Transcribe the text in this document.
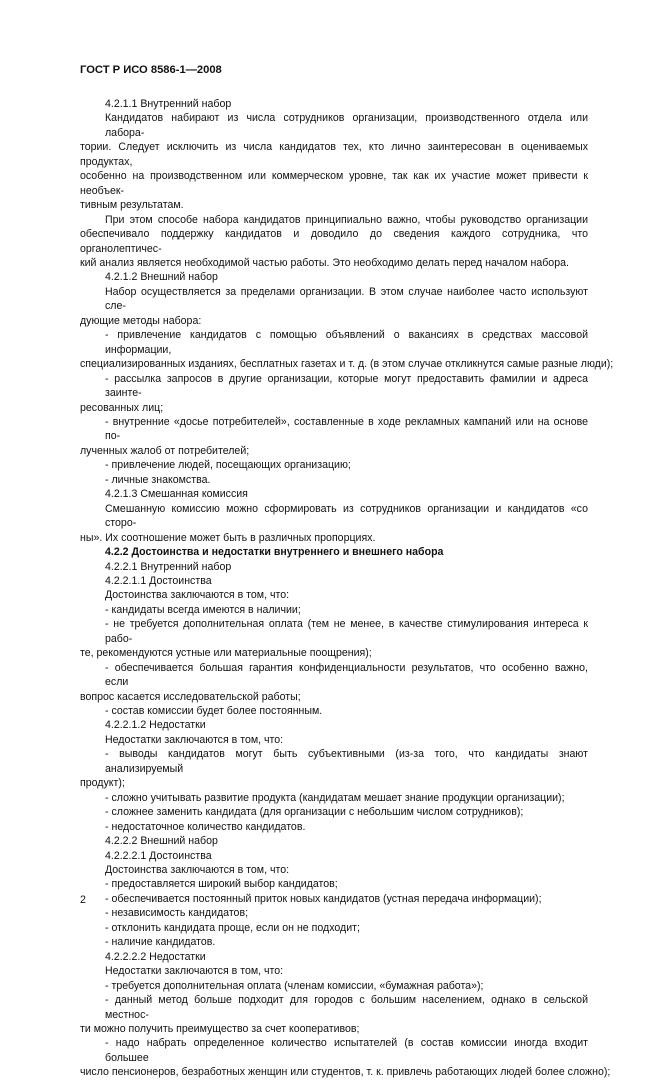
ГОСТ Р ИСО 8586-1—2008
4.2.1.1 Внутренний набор
Кандидатов набирают из числа сотрудников организации, производственного отдела или лабора-
тории. Следует исключить из числа кандидатов тех, кто лично заинтересован в оцениваемых продуктах,
особенно на производственном или коммерческом уровне, так как их участие может привести к необъек-
тивным результатам.
При этом способе набора кандидатов принципиально важно, чтобы руководство организации
обеспечивало поддержку кандидатов и доводило до сведения каждого сотрудника, что органолептичес-
кий анализ является необходимой частью работы. Это необходимо делать перед началом набора.
4.2.1.2 Внешний набор
Набор осуществляется за пределами организации. В этом случае наиболее часто используют сле-
дующие методы набора:
- привлечение кандидатов с помощью объявлений о вакансиях в средствах массовой информации,
специализированных изданиях, бесплатных газетах и т. д. (в этом случае откликнутся самые разные люди);
- рассылка запросов в другие организации, которые могут предоставить фамилии и адреса заинте-
ресованных лиц;
- внутренние «досье потребителей», составленные в ходе рекламных кампаний или на основе по-
лученных жалоб от потребителей;
- привлечение людей, посещающих организацию;
- личные знакомства.
4.2.1.3 Смешанная комиссия
Смешанную комиссию можно сформировать из сотрудников организации и кандидатов «со сторо-
ны». Их соотношение может быть в различных пропорциях.
4.2.2 Достоинства и недостатки внутреннего и внешнего набора
4.2.2.1 Внутренний набор
4.2.2.1.1 Достоинства
Достоинства заключаются в том, что:
- кандидаты всегда имеются в наличии;
- не требуется дополнительная оплата (тем не менее, в качестве стимулирования интереса к рабо-
те, рекомендуются устные или материальные поощрения);
- обеспечивается большая гарантия конфиденциальности результатов, что особенно важно, если
вопрос касается исследовательской работы;
- состав комиссии будет более постоянным.
4.2.2.1.2 Недостатки
Недостатки заключаются в том, что:
- выводы кандидатов могут быть субъективными (из-за того, что кандидаты знают анализируемый
продукт);
- сложно учитывать развитие продукта (кандидатам мешает знание продукции организации);
- сложнее заменить кандидата (для организации с небольшим числом сотрудников);
- недостаточное количество кандидатов.
4.2.2.2 Внешний набор
4.2.2.2.1 Достоинства
Достоинства заключаются в том, что:
- предоставляется широкий выбор кандидатов;
- обеспечивается постоянный приток новых кандидатов (устная передача информации);
- независимость кандидатов;
- отклонить кандидата проще, если он не подходит;
- наличие кандидатов.
4.2.2.2.2 Недостатки
Недостатки заключаются в том, что:
- требуется дополнительная оплата (членам комиссии, «бумажная работа»);
- данный метод больше подходит для городов с большим населением, однако в сельской местнос-
ти можно получить преимущество за счет кооперативов;
- надо набрать определенное количество испытателей (в состав комиссии иногда входит большее
число пенсионеров, безработных женщин или студентов, т. к. привлечь работающих людей более сложно);
2
